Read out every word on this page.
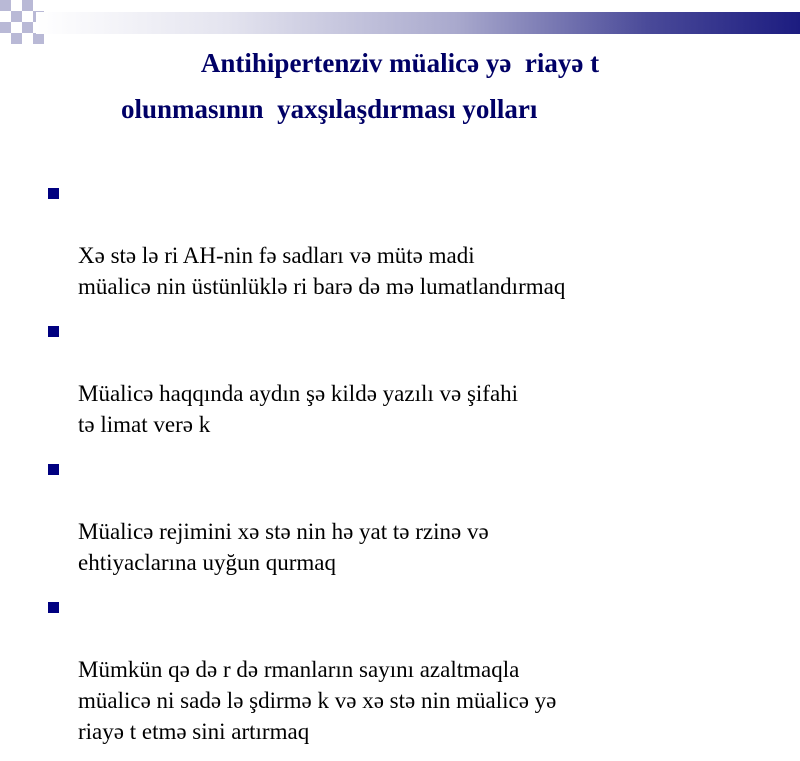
Antihipertenziv müalicə yə  riayə t
olunmasının  yaxşılaşdırması yolları

Xə stə lə ri AH-nin fə sadları və mütə madi
müalicə nin üstünlüklə ri barə də mə lumatlandırmaq

Müalicə haqqında aydın şə kildə yazılı və şifahi
tə limat verə k

Müalicə rejimini xə stə nin hə yat tə rzinə və
ehtiyaclarına uyğun qurmaq

Mümkün qə də r də rmanların sayını azaltmaqla
müalicə ni sadə lə şdirmə k və xə stə nin müalicə yə
riayə t etmə sini artırmaq
